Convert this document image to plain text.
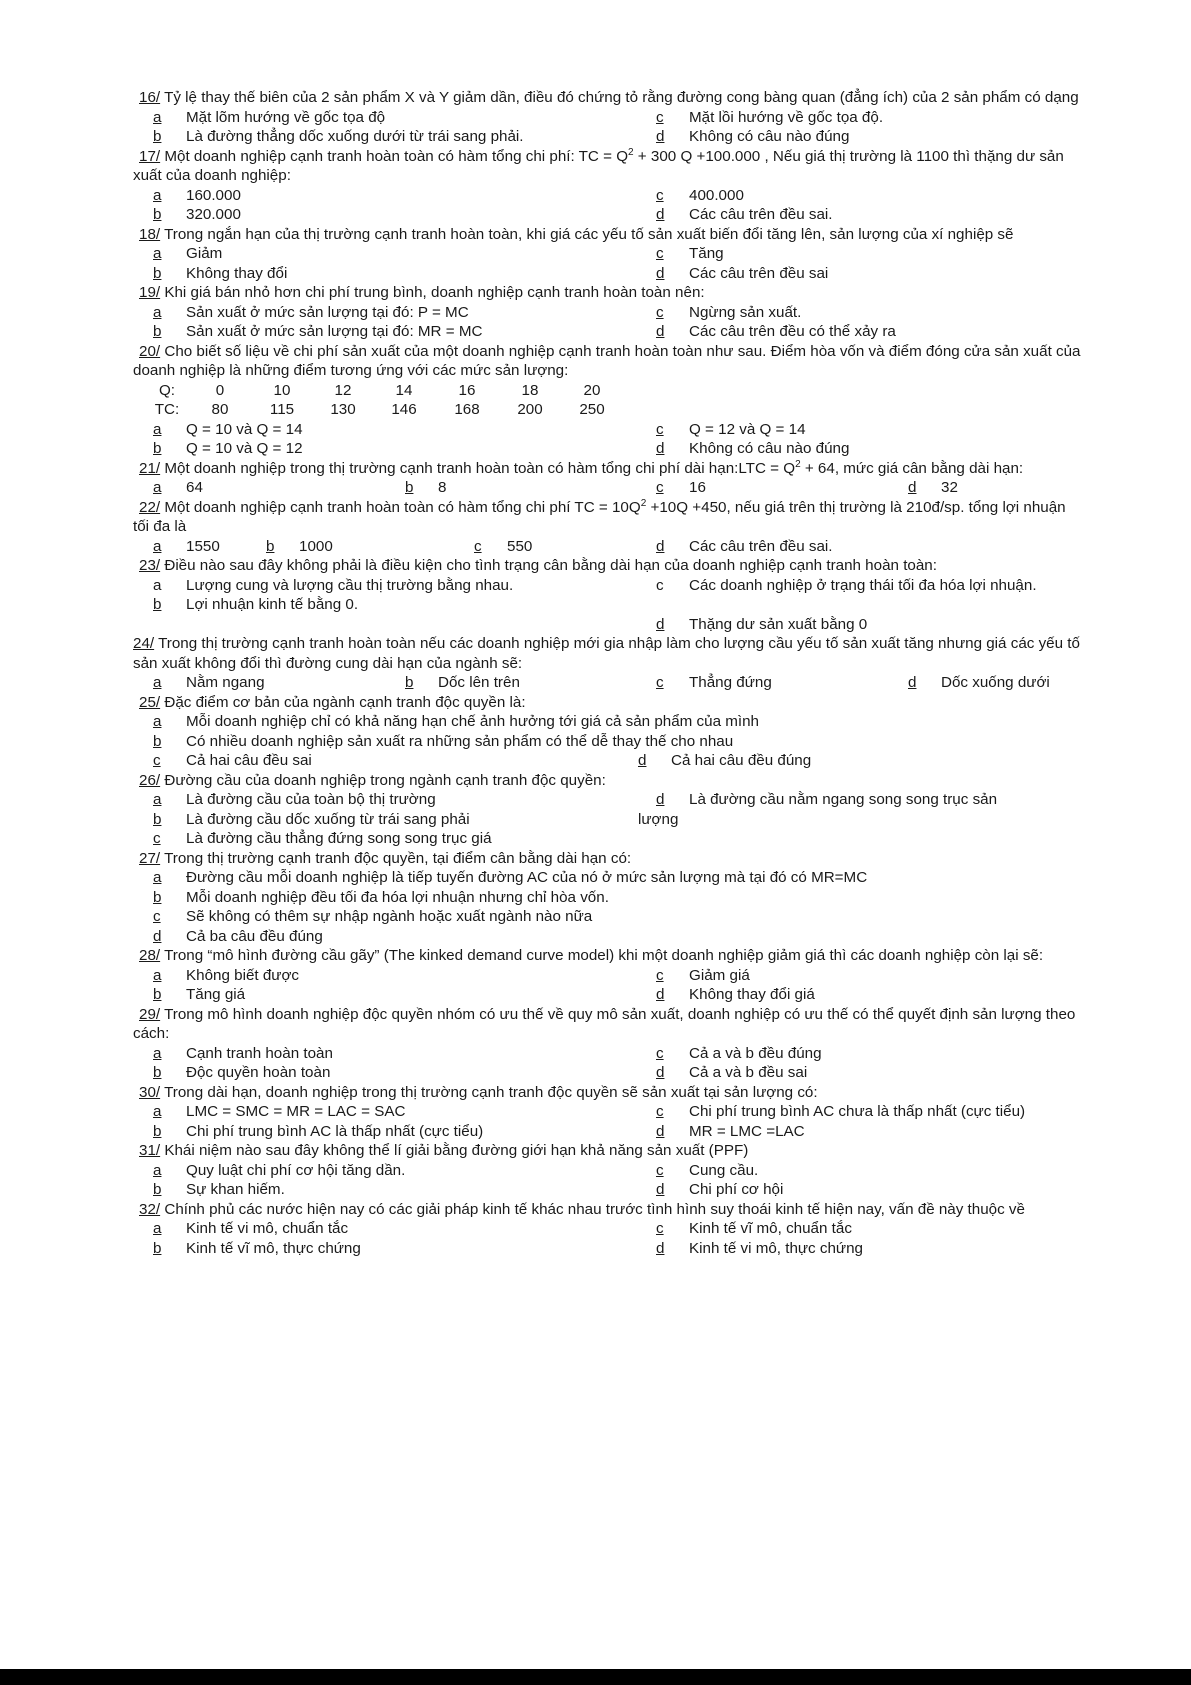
16/ Tỷ lệ thay thế biên của 2 sản phẩm X và Y giảm dần, điều đó chứng tỏ rằng đường cong bàng quan (đẳng ích) của 2 sản phẩm có dạng
a Mặt lõm hướng về gốc tọa độ	c Mặt lồi hướng về gốc tọa độ.
b Là đường thẳng dốc xuống dưới từ trái sang phải.	d Không có câu nào đúng
17/ Một doanh nghiệp cạnh tranh hoàn toàn có hàm tổng chi phí: TC = $Q^2 + 300$ Q +100.000 , Nếu giá thị trường là 1100 thì thặng dư sản xuất của doanh nghiệp:
a 160.000	c 400.000
b 320.000	d Các câu trên đều sai.
18/ Trong ngắn hạn của thị trường cạnh tranh hoàn toàn, khi giá các yếu tố sản xuất biến đổi tăng lên, sản lượng của xí nghiệp sẽ
a Giảm	c Tăng
b Không thay đổi	d Các câu trên đều sai
19/ Khi giá bán nhỏ hơn chi phí trung bình, doanh nghiệp cạnh tranh hoàn toàn nên:
a Sản xuất ở mức sản lượng tại đó: P = MC	c Ngừng sản xuất.
b Sản xuất ở mức sản lượng tại đó: MR = MC	d Các câu trên đều có thể xảy ra
20/ Cho biết số liệu về chi phí sản xuất của một doanh nghiệp cạnh tranh hoàn toàn như sau. Điểm hòa vốn và điểm đóng cửa sản xuất của doanh nghiệp là những điểm tương ứng với các mức sản lượng:
Q:	0	10	12	14	16	18	20
TC:	80	115	130	146	168	200	250
a Q = 10 và Q = 14	c Q = 12 và Q = 14
b Q = 10 và Q = 12	d Không có câu nào đúng
21/ Một doanh nghiệp trong thị trường cạnh tranh hoàn toàn có hàm tổng chi phí dài hạn:LTC = $Q^2 + 64$, mức giá cân bằng dài hạn:
a 64	b 8	c 16	d 32
22/ Một doanh nghiệp cạnh tranh hoàn toàn có hàm tổng chi phí TC = $10Q^2 +10Q +450$, nếu giá trên thị trường là 210đ/sp. tổng lợi nhuận tối đa là
a 1550	b 1000	c 550	d Các câu trên đều sai.
23/ Điều nào sau đây không phải là điều kiện cho tình trạng cân bằng dài hạn của doanh nghiệp cạnh tranh hoàn toàn:
a Lượng cung và lượng cầu thị trường bằng nhau.	c Các doanh nghiệp ở trạng thái tối đa hóa lợi nhuận.
b Lợi nhuận kinh tế bằng 0.
d Thặng dư sản xuất bằng 0
24/ Trong thị trường cạnh tranh hoàn toàn nếu các doanh nghiệp mới gia nhập làm cho lượng cầu yếu tố sản xuất tăng nhưng giá các yếu tố sản xuất không đổi thì đường cung dài hạn của ngành sẽ:
a Nằm ngang	b Dốc lên trên	c Thẳng đứng	d Dốc xuống dưới
25/ Đặc điểm cơ bản của ngành cạnh tranh độc quyền là:
a Mỗi doanh nghiệp chỉ có khả năng hạn chế ảnh hưởng tới giá cả sản phẩm của mình
b Có nhiều doanh nghiệp sản xuất ra những sản phẩm có thể dễ thay thế cho nhau
c Cả hai câu đều sai	d Cả hai câu đều đúng
26/ Đường cầu của doanh nghiệp trong ngành cạnh tranh độc quyền:
a Là đường cầu của toàn bộ thị trường	d Là đường cầu nằm ngang song song trục sản
b Là đường cầu dốc xuống từ trái sang phải	lượng
c Là đường cầu thẳng đứng song song trục giá
27/ Trong thị trường cạnh tranh độc quyền, tại điểm cân bằng dài hạn có:
a Đường cầu mỗi doanh nghiệp là tiếp tuyến đường AC của nó ở mức sản lượng mà tại đó có MR=MC
b Mỗi doanh nghiệp đều tối đa hóa lợi nhuận nhưng chỉ hòa vốn.
c Sẽ không có thêm sự nhập ngành hoặc xuất ngành nào nữa
d Cả ba câu đều đúng
28/ Trong “mô hình đường cầu gãy” (The kinked demand curve model) khi một doanh nghiệp giảm giá thì các doanh nghiệp còn lại sẽ:
a Không biết được	c Giảm giá
b Tăng giá	d Không thay đổi giá
29/ Trong mô hình doanh nghiệp độc quyền nhóm có ưu thế về quy mô sản xuất, doanh nghiệp có ưu thế có thể quyết định sản lượng theo cách:
a Cạnh tranh hoàn toàn	c Cả a và b đều đúng
b Độc quyền hoàn toàn	d Cả a và b đều sai
30/ Trong dài hạn, doanh nghiệp trong thị trường cạnh tranh độc quyền sẽ sản xuất tại sản lượng có:
a LMC = SMC = MR = LAC = SAC	c Chi phí trung bình AC chưa là thấp nhất (cực tiểu)
b Chi phí trung bình AC là thấp nhất (cực tiểu)	d MR = LMC =LAC
31/ Khái niệm nào sau đây không thể lí giải bằng đường giới hạn khả năng sản xuất (PPF)
a Quy luật chi phí cơ hội tăng dần.	c Cung cầu.
b Sự khan hiếm.	d Chi phí cơ hội
32/ Chính phủ các nước hiện nay có các giải pháp kinh tế khác nhau trước tình hình suy thoái kinh tế hiện nay, vấn đề này thuộc về
a Kinh tế vi mô, chuẩn tắc	c Kinh tế vĩ mô, chuẩn tắc
b Kinh tế vĩ mô, thực chứng	d Kinh tế vi mô, thực chứng
